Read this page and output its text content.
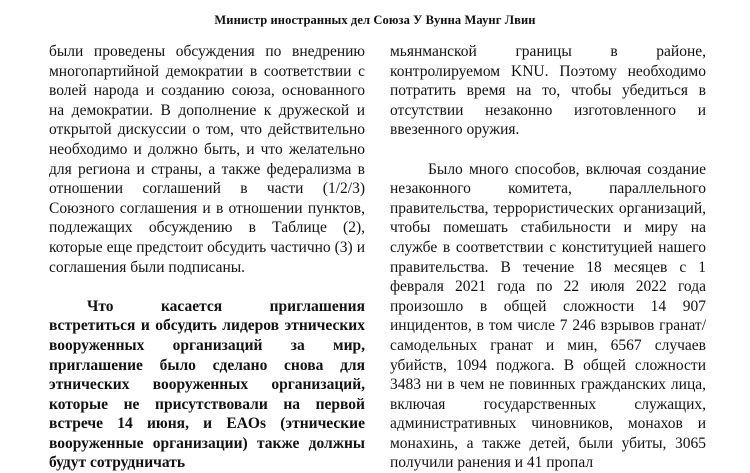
Министр иностранных дел Союза У Вунна Маунг Лвин

были проведены обсуждения по внедрению многопартийной демократии в соответствии с волей народа и созданию союза, основанного на демократии. В дополнение к дружеской и открытой дискуссии о том, что действительно необходимо и должно быть, и что желательно для региона и страны, а также федерализма в отношении соглашений в части (1/2/3) Союзного соглашения и в отношении пунктов, подлежащих обсуждению в Таблице (2), которые еще предстоит обсудить частично (3) и соглашения были подписаны.

Что касается приглашения встретиться и обсудить лидеров этнических вооруженных организаций за мир, приглашение было сделано снова для этнических вооруженных организаций, которые не присутствовали на первой встрече 14 июня, и EAOs (этнические вооруженные организации) также должны будут сотрудничать

мьянманской границы в районе, контролируемом KNU. Поэтому необходимо потратить время на то, чтобы убедиться в отсутствии незаконно изготовленного и ввезенного оружия.

Было много способов, включая создание незаконного комитета, параллельного правительства, террористических организаций, чтобы помешать стабильности и миру на службе в соответствии с конституцией нашего правительства. В течение 18 месяцев с 1 февраля 2021 года по 22 июля 2022 года произошло в общей сложности 14 907 инцидентов, в том числе 7 246 взрывов гранат/самодельных гранат и мин, 6567 случаев убийств, 1094 поджога. В общей сложности 3483 ни в чем не повинных гражданских лица, включая государственных служащих, административных чиновников, монахов и монахинь, а также детей, были убиты, 3065 получили ранения и 41 пропал
